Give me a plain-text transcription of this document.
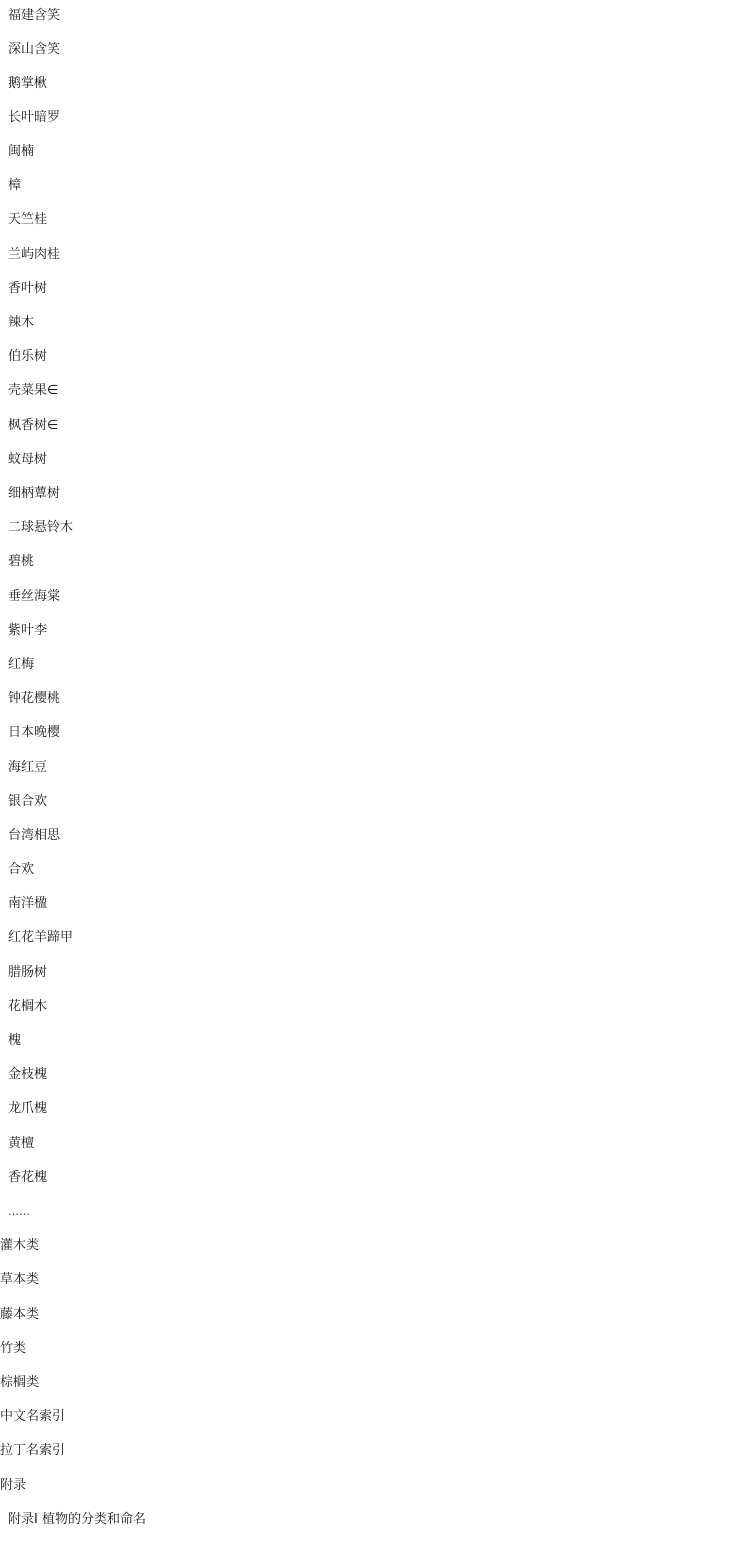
福建含笑
深山含笑
鹅掌楸
长叶暗罗
闽楠
樟
天竺桂
兰屿肉桂
香叶树
辣木
伯乐树
壳菜果∈
枫香树∈
蚊母树
细柄蕈树
二球悬铃木
碧桃
垂丝海棠
紫叶李
红梅
钟花樱桃
日本晚樱
海红豆
银合欢
台湾相思
合欢
南洋楹
红花羊蹄甲
腊肠树
花榈木
槐
金枝槐
龙爪槐
黄檀
香花槐
……
灌木类
草本类
藤本类
竹类
棕榈类
中文名索引
拉丁名索引
附录
附录Ⅰ 植物的分类和命名
